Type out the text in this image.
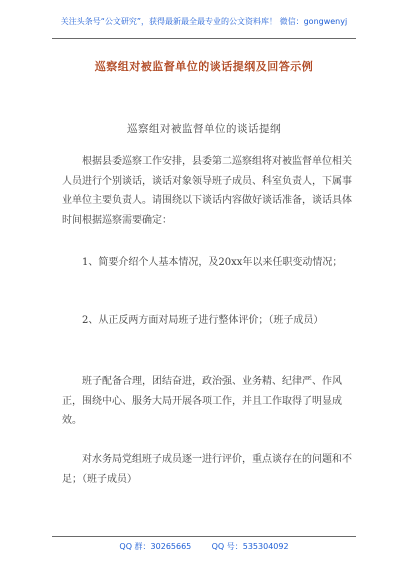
关注头条号“公文研究”，获得最新最全最专业的公文资料库！ 微信：gongwenyj
巡察组对被监督单位的谈话提纲及回答示例
巡察组对被监督单位的谈话提纲

根据县委巡察工作安排，县委第二巡察组将对被监督单位相关人员进行个别谈话，谈话对象领导班子成员、科室负责人，下属事业单位主要负责人。请围绕以下谈话内容做好谈话准备，谈话具体时间根据巡察需要确定：

1、简要介绍个人基本情况，及20xx年以来任职变动情况；

2、从正反两方面对局班子进行整体评价；（班子成员）

班子配备合理，团结奋进，政治强、业务精、纪律严、作风正，围绕中心、服务大局开展各项工作，并且工作取得了明显成效。

对水务局党组班子成员逐一进行评价，重点谈存在的问题和不足；（班子成员）

QQ 群：30265665        QQ 号：535304092
